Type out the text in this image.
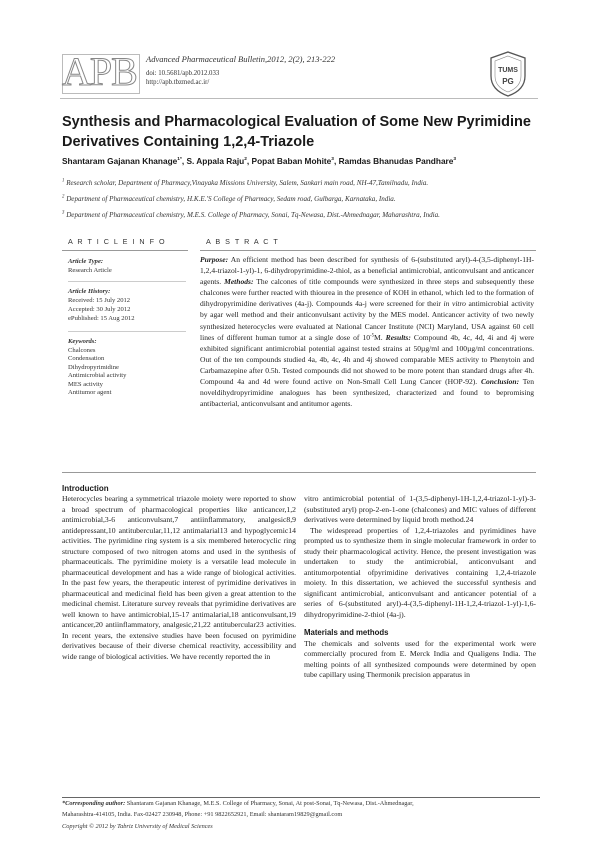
APB	Advanced Pharmaceutical Bulletin,2012, 2(2), 213-222
doi: 10.5681/apb.2012.033
http://apb.tbzmed.ac.ir/
TUMS
PG
Synthesis and Pharmacological Evaluation of Some New Pyrimidine Derivatives Containing 1,2,4-Triazole
Shantaram Gajanan Khanage$^{1*}$, S. Appala Raju$^2$, Popat Baban Mohite$^3$, Ramdas Bhanudas Pandhare$^3$
$^1$ Research scholar, Department of Pharmacy,Vinayaka Missions University, Salem, Sankari main road, NH-47,Tamilnadu, India.
$^2$ Department of Pharmaceutical chemistry, H.K.E.'S College of Pharmacy, Sedam road, Gulbarga, Karnataka, India.
$^3$ Department of Pharmaceutical chemistry, M.E.S. College of Pharmacy, Sonai, Tq-Newasa, Dist.-Ahmednagar, Maharashtra, India.
A R T I C L E I N F O
Article Type:
Research Article
Article History:
Received: 15 July 2012
Accepted: 30 July 2012
ePublished: 15 Aug 2012
Keywords:
Chalcones
Condensation
Dihydropyrimidine
Antimicrobial activity
MES activity
Antitumor agent
A B S T R A C T
Purpose: An efficient method has been described for synthesis of 6-(substituted aryl)-4-(3,5-diphenyl-1H-1,2,4-triazol-1-yl)-1, 6-dihydropyrimidine-2-thiol, as a beneficial antimicrobial, anticonvulsant and anticancer agents. Methods: The calcones of title compounds were synthesized in three steps and subsequently these chalcones were further reacted with thiourea in the presence of KOH in ethanol, which led to the formation of dihydropyrimidine derivatives (4a-j). Compounds 4a-j were screened for their in vitro antimicrobial activity by agar well method and their anticonvulsant activity by the MES model. Anticancer activity of two newly synthesized heterocycles were evaluated at National Cancer Institute (NCI) Maryland, USA against 60 cell lines of different human tumor at a single dose of $10^{-5}M$. Results: Compound 4b, 4c, 4d, 4i and 4j were exhibited significant antimicrobial potential against tested strains at 50µg/ml and 100µg/ml concentrations. Out of the ten compounds studied 4a, 4b, 4c, 4h and 4j showed comparable MES activity to Phenytoin and Carbamazepine after 0.5h. Tested compounds did not showed to be more potent than standard drugs after 4h. Compound 4a and 4d were found active on Non-Small Cell Lung Cancer (HOP-92). Conclusion: Ten noveldihydropyrimidine analogues has been synthesized, characterized and found to bepromising antibacterial, anticonvulsant and antitumor agents.
Introduction

Heterocycles bearing a symmetrical triazole moiety were reported to show a broad spectrum of pharmacological properties like anticancer,1,2 antimicrobial,3-6 anticonvulsant,7 antiinflammatory, analgesic8,9 antidepressant,10 antitubercular,11,12 antimalarial13 and hypoglycemic14 activities. The pyrimidine ring system is a six membered heterocyclic ring structure composed of two nitrogen atoms and used in the synthesis of pharmaceuticals. The pyrimidine moiety is a versatile lead molecule in pharmaceutical development and has a wide range of biological activities. In the past few years, the therapeutic interest of pyrimidine derivatives in pharmaceutical and medicinal field has been given a great attention to the medicinal chemist. Literature survey reveals that pyrimidine derivatives are well known to have antimicrobial,15-17 antimalarial,18 anticonvulsant,19 anticancer,20 antiinflammatory, analgesic,21,22 antitubercular23 activities. In recent years, the extensive studies have been focused on pyrimidine derivatives because of their diverse chemical reactivity, accessibility and wide range of biological activities. We have recently reported the in

vitro antimicrobial potential of 1-(3,5-diphenyl-1H-1,2,4-triazol-1-yl)-3-(substituted aryl) prop-2-en-1-one (chalcones) and MIC values of different derivatives were determined by liquid broth method.24

The widespread properties of 1,2,4-triazoles and pyrimidines have prompted us to synthesize them in single molecular framework in order to study their pharmacological activity. Hence, the present investigation was undertaken to study the antimicrobial, anticonvulsant and antitumorpotential ofpyrimidine derivatives containing 1,2,4-triazole moiety. In this dissertation, we achieved the successful synthesis and significant antimicrobial, anticonvulsant and anticancer potential of a series of 6-(substituted aryl)-4-(3,5-diphenyl-1H-1,2,4-triazol-1-yl)-1,6-dihydropyrimidine-2-thiol (4a-j).

Materials and methods

The chemicals and solvents used for the experimental work were commercially procured from E. Merck India and Qualigens India. The melting points of all synthesized compounds were determined by open tube capillary using Thermonik precision apparatus in

*Corresponding author: Shantaram Gajanan Khanage, M.E.S. College of Pharmacy, Sonai, At post-Sonai, Tq-Newasa, Dist.-Ahmednagar,
Maharashtra-414105, India. Fax-02427 230948, Phone: +91 9822652921, Email: shantaram19829@gmail.com
Copyright © 2012 by Tabriz University of Medical Sciences
